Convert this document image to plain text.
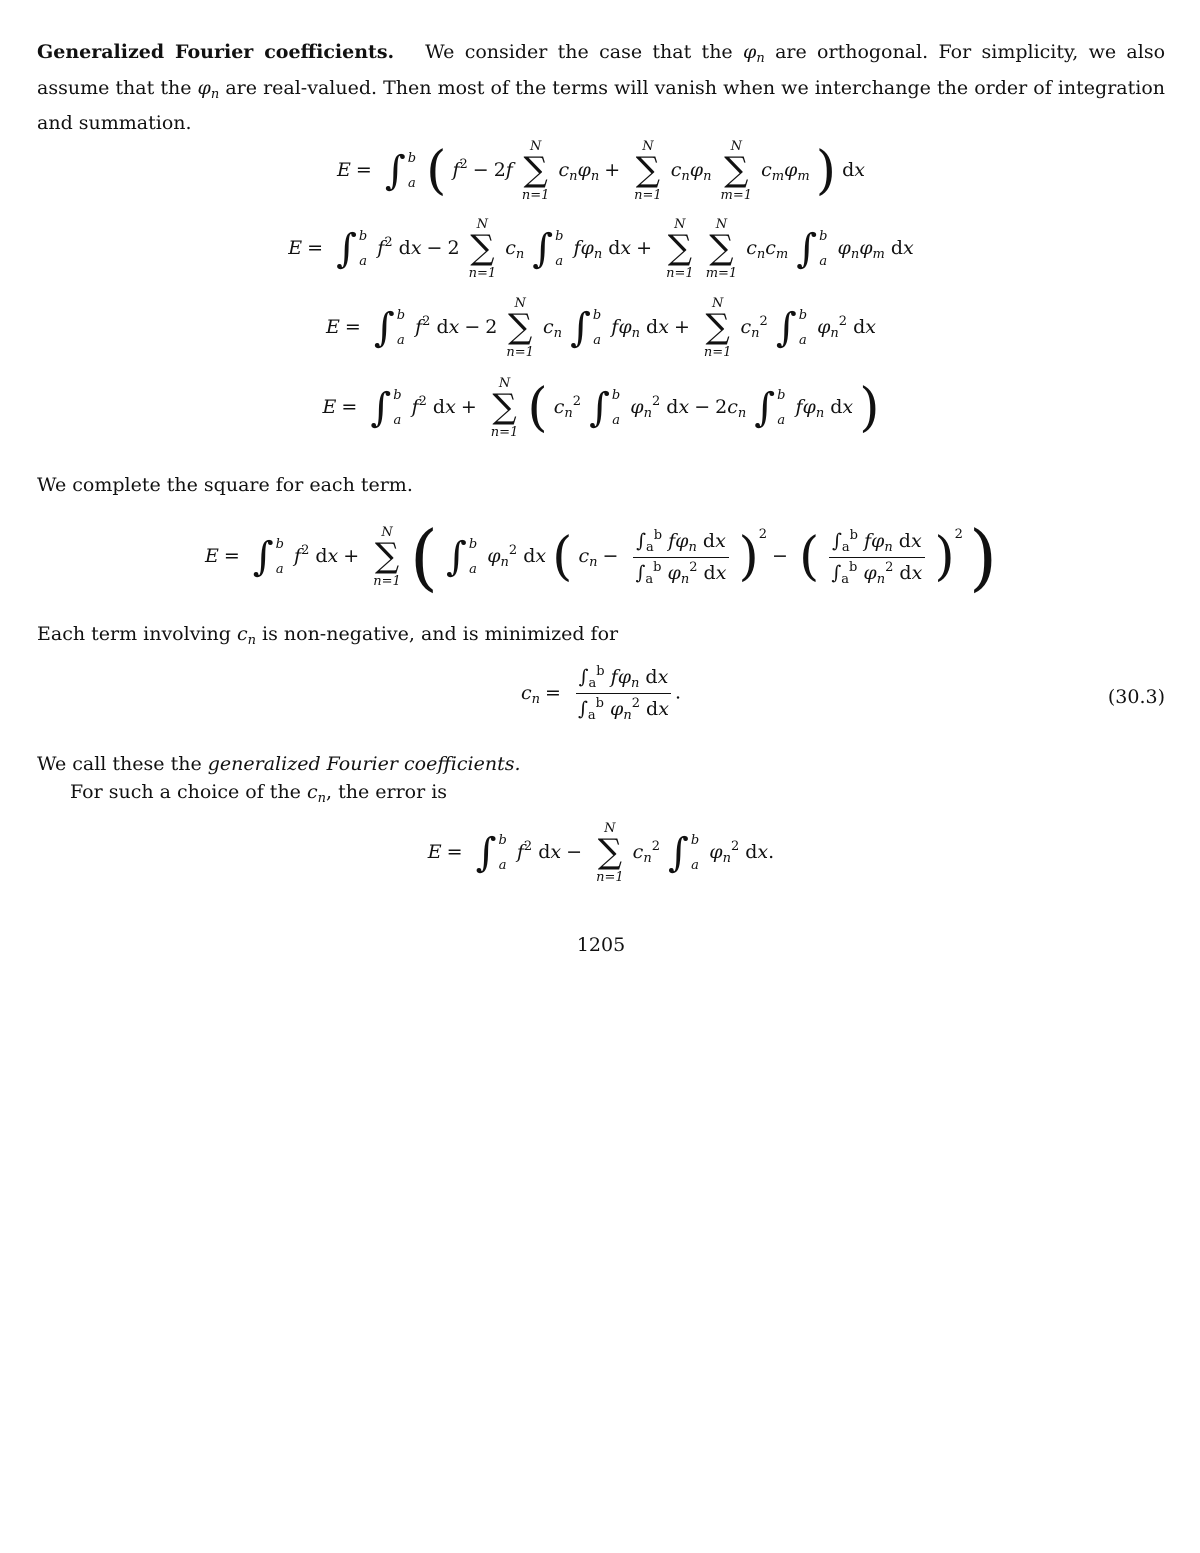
Generalized Fourier coefficients. We consider the case that the $\varphi_n$ are orthogonal. For simplicity, we also assume that the $\varphi_n$ are real-valued. Then most of the terms will vanish when we interchange the order of integration and summation.

E = ∫ b
a ( $f^2 - 2f$
N
∑
n=1
$c_n\varphi_n$ +
N
∑
n=1
$c_n\varphi_n$
N
∑
m=1
$c_m\varphi_m$ ) dx
E = ∫ b
a
$f^2$ dx − 2
N
∑
n=1
$c_n$ ∫ b
a
$f\varphi_n$ dx +
N
∑
n=1

N
∑
m=1
$c_nc_m$ ∫ b
a
$\varphi_n\varphi_m$ dx
E = ∫ b
a
$f^2$ dx − 2
N
∑
n=1
$c_n$ ∫ b
a
$f\varphi_n$ dx +
N
∑
n=1
$c_n^2$ ∫ b
a
$\varphi_n^2$ dx
E = ∫ b
a
$f^2$ dx +
N
∑
n=1 ( $c_n^2$ ∫ b
a
$\varphi_n^2$ dx − $2c_n$ ∫ b
a
$f\varphi_n$ dx )

We complete the square for each term.

E = ∫ b
a
$f^2$ dx +
N
∑
n=1 ( ∫ b
a
$\varphi_n^2$ dx ( $c_n - \frac{\int_a^b f\varphi_n dx}{\int_a^b \varphi_n^2 dx} )^2-$ ( $\frac{\int_a^b f\varphi_n dx}{\int_a^b \varphi_n^2 dx} )^2$ )

Each term involving $c_n$ is non-negative, and is minimized for

$c_n = \frac{\int_a^b f\varphi_n dx}{\int_a^b \varphi_n^2 dx}$ .	(30.3)

We call these the generalized Fourier coefficients.

For such a choice of the $c_n$, the error is

E = ∫ b
a
$f^2$ dx −
N
∑
n=1
$c_n^2$ ∫ b
a
$\varphi_n^2$ dx.
1205
